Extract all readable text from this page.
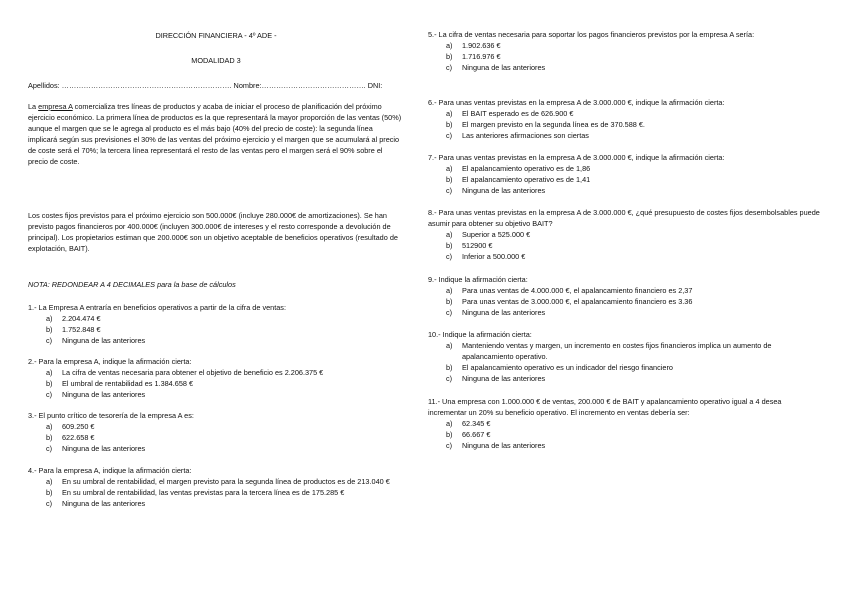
DIRECCIÓN FINANCIERA - 4º ADE -
MODALIDAD 3
Apellidos: ……………………………………………………………. Nombre:……………………………………. DNI:
La empresa A comercializa tres líneas de productos y acaba de iniciar el proceso de planificación del próximo ejercicio económico. La primera línea de productos es la que representará la mayor proporción de las ventas (50%) aunque el margen que se le agrega al producto es el más bajo (40% del precio de coste): la segunda línea implicará según sus previsiones el 30% de las ventas del próximo ejercicio y el margen que se acumulará al precio de coste será el 70%; la tercera línea representará el resto de las ventas pero el margen será el 90% sobre el precio de coste.
Los costes fijos previstos para el próximo ejercicio son 500.000€ (incluye 280.000€ de amortizaciones). Se han previsto pagos financieros por 400.000€ (incluyen 300.000€ de intereses y el resto corresponde a devolución de principal). Los propietarios estiman que 200.000€ son un objetivo aceptable de beneficios operativos (resultado de explotación, BAIT).
NOTA: REDONDEAR A 4 DECIMALES para la base de cálculos
1.- La Empresa A entraría en beneficios operativos a partir de la cifra de ventas:
a) 2.204.474 €
b) 1.752.848 €
c) Ninguna de las anteriores
2.- Para la empresa A, indique la afirmación cierta:
a) La cifra de ventas necesaria para obtener el objetivo de beneficio es 2.206.375 €
b) El umbral de rentabilidad es 1.384.658 €
c) Ninguna de las anteriores
3.- El punto crítico de tesorería de la empresa A es:
a) 609.250 €
b) 622.658 €
c) Ninguna de las anteriores
4.- Para la empresa A, indique la afirmación cierta:
a) En su umbral de rentabilidad, el margen previsto para la segunda línea de productos es de 213.040 €
b) En su umbral de rentabilidad, las ventas previstas para la tercera línea es de 175.285 €
c) Ninguna de las anteriores
5.- La cifra de ventas necesaria para soportar los pagos financieros previstos por la empresa A sería:
a) 1.902.636 €
b) 1.716.976 €
c) Ninguna de las anteriores
6.- Para unas ventas previstas en la empresa A de 3.000.000 €, indique la afirmación cierta:
a) El BAIT esperado es de 626.900 €
b) El margen previsto en la segunda línea es de 370.588 €.
c) Las anteriores afirmaciones son ciertas
7.- Para unas ventas previstas en la empresa A de 3.000.000 €, indique la afirmación cierta:
a) El apalancamiento operativo es de 1,86
b) El apalancamiento operativo es de 1,41
c) Ninguna de las anteriores
8.- Para unas ventas previstas en la empresa A de 3.000.000 €, ¿qué presupuesto de costes fijos desembolsables puede asumir para obtener su objetivo BAIT?
a) Superior a 525.000 €
b) 512900 €
c) Inferior a 500.000 €
9.- Indique la afirmación cierta:
a) Para unas ventas de 4.000.000 €, el apalancamiento financiero es 2,37
b) Para unas ventas de 3.000.000 €, el apalancamiento financiero es 3.36
c) Ninguna de las anteriores
10.- Indique la afirmación cierta:
a) Manteniendo ventas y margen, un incremento en costes fijos financieros implica un aumento de apalancamiento operativo.
b) El apalancamiento operativo es un indicador del riesgo financiero
c) Ninguna de las anteriores
11.- Una empresa con 1.000.000 € de ventas, 200.000 € de BAIT y apalancamiento operativo igual a 4 desea incrementar un 20% su beneficio operativo. El incremento en ventas debería ser:
a) 62.345 €
b) 66.667 €
c) Ninguna de las anteriores
